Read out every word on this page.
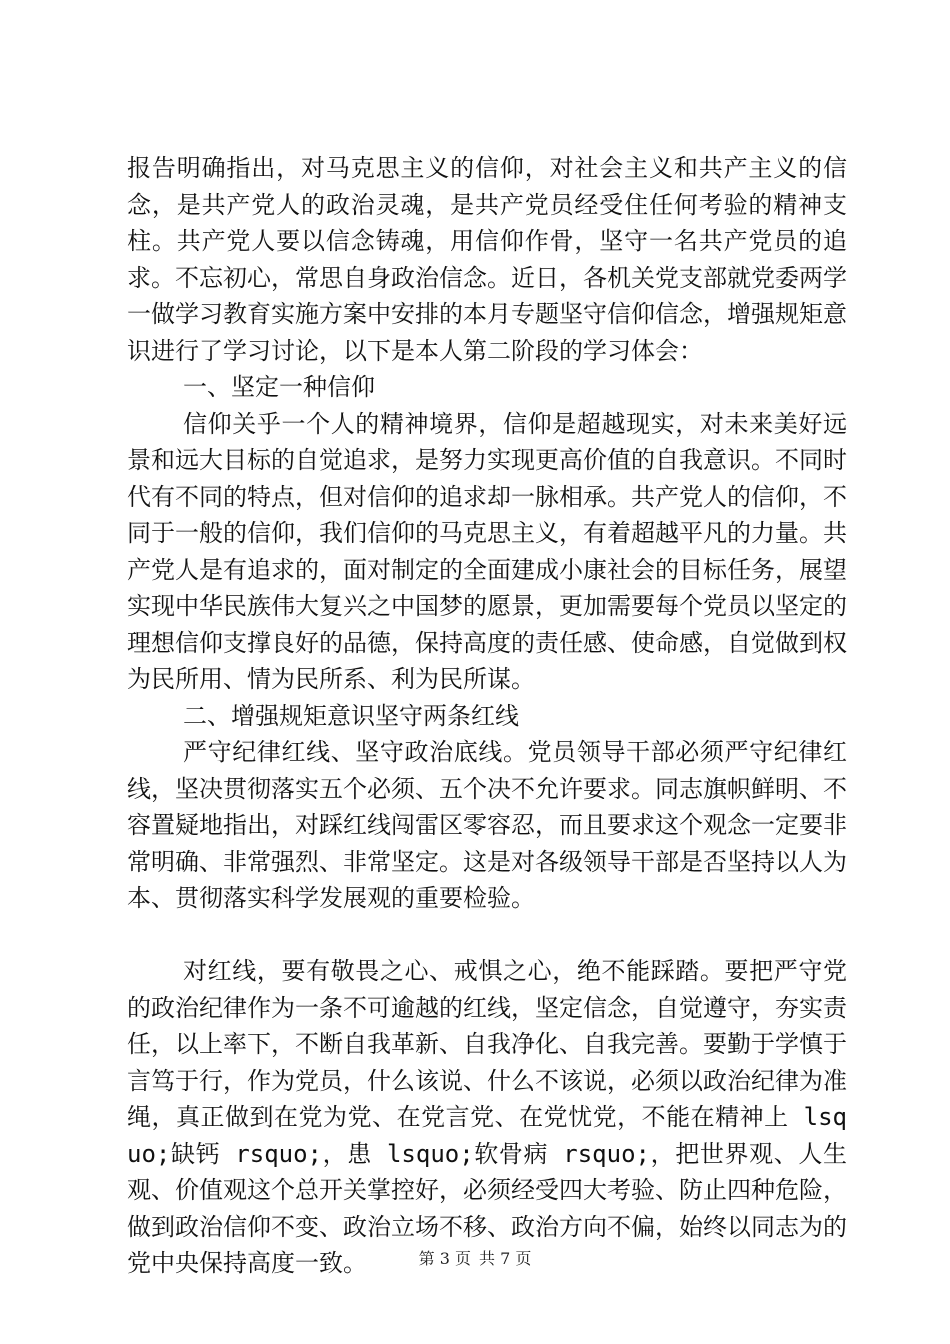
报告明确指出，对马克思主义的信仰，对社会主义和共产主义的信念，是共产党人的政治灵魂，是共产党员经受住任何考验的精神支柱。共产党人要以信念铸魂，用信仰作骨，坚守一名共产党员的追求。不忘初心，常思自身政治信念。近日，各机关党支部就党委两学一做学习教育实施方案中安排的本月专题坚守信仰信念，增强规矩意识进行了学习讨论，以下是本人第二阶段的学习体会：

一、坚定一种信仰

信仰关乎一个人的精神境界，信仰是超越现实，对未来美好远景和远大目标的自觉追求，是努力实现更高价值的自我意识。不同时代有不同的特点，但对信仰的追求却一脉相承。共产党人的信仰，不同于一般的信仰，我们信仰的马克思主义，有着超越平凡的力量。共产党人是有追求的，面对制定的全面建成小康社会的目标任务，展望实现中华民族伟大复兴之中国梦的愿景，更加需要每个党员以坚定的理想信仰支撑良好的品德，保持高度的责任感、使命感，自觉做到权为民所用、情为民所系、利为民所谋。

二、增强规矩意识坚守两条红线

严守纪律红线、坚守政治底线。党员领导干部必须严守纪律红线，坚决贯彻落实五个必须、五个决不允许要求。同志旗帜鲜明、不容置疑地指出，对踩红线闯雷区零容忍，而且要求这个观念一定要非常明确、非常强烈、非常坚定。这是对各级领导干部是否坚持以人为本、贯彻落实科学发展观的重要检验。

对红线，要有敬畏之心、戒惧之心，绝不能踩踏。要把严守党的政治纪律作为一条不可逾越的红线，坚定信念，自觉遵守，夯实责任，以上率下，不断自我革新、自我净化、自我完善。要勤于学慎于言笃于行，作为党员，什么该说、什么不该说，必须以政治纪律为准绳，真正做到在党为党、在党言党、在党忧党，不能在精神上 lsquo;缺钙 rsquo;，患 lsquo;软骨病 rsquo;，把世界观、人生观、价值观这个总开关掌控好，必须经受四大考验、防止四种危险，做到政治信仰不变、政治立场不移、政治方向不偏，始终以同志为的党中央保持高度一致。	第 3 页 共 7 页
